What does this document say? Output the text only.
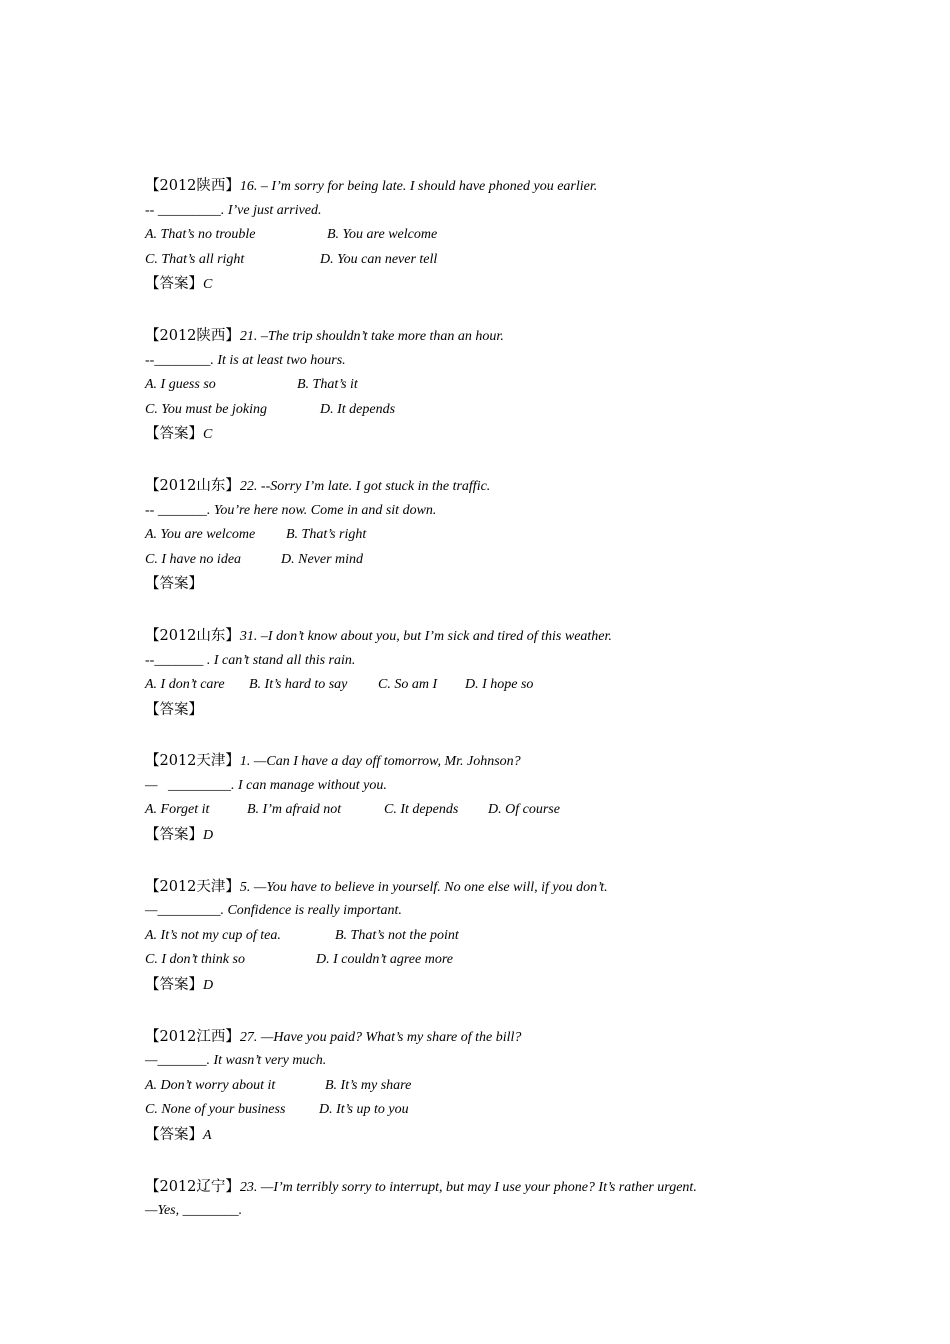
【2012陕西】16. – I’m sorry for being late. I should have phoned you earlier.
-- _________. I’ve just arrived.
A. That’s no trouble	B. You are welcome
C. That’s all right	D. You can never tell
【答案】C
【2012陕西】21. –The trip shouldn’t take more than an hour.
--________. It is at least two hours.
A. I guess so	B. That’s it
C. You must be joking	D. It depends
【答案】C
【2012山东】22. --Sorry I’m late. I got stuck in the traffic.
-- _______. You’re here now. Come in and sit down.
A. You are welcome B. That’s right
C. I have no idea	D. Never mind
【答案】
【2012山东】31. –I don’t know about you, but I’m sick and tired of this weather.
--_______ . I can’t stand all this rain.
A. I don’t care B. It’s hard to say C. So am I D. I hope so
【答案】
【2012天津】1. —Can I have a day off tomorrow, Mr. Johnson?
—   _________. I can manage without you.
A. Forget it	B. I’m afraid not	C. It depends D. Of course
【答案】D
【2012天津】5. —You have to believe in yourself. No one else will, if you don’t.
—_________. Confidence is really important.
A. It’s not my cup of tea.	B. That’s not the point
C. I don’t think so	D. I couldn’t agree more
【答案】D
【2012江西】27. —Have you paid? What’s my share of the bill?
—_______. It wasn’t very much.
A. Don’t worry about it	B. It’s my share
C. None of your business D. It’s up to you
【答案】A
【2012辽宁】23. —I’m terribly sorry to interrupt, but may I use your phone? It’s rather urgent.
—Yes, ________.
